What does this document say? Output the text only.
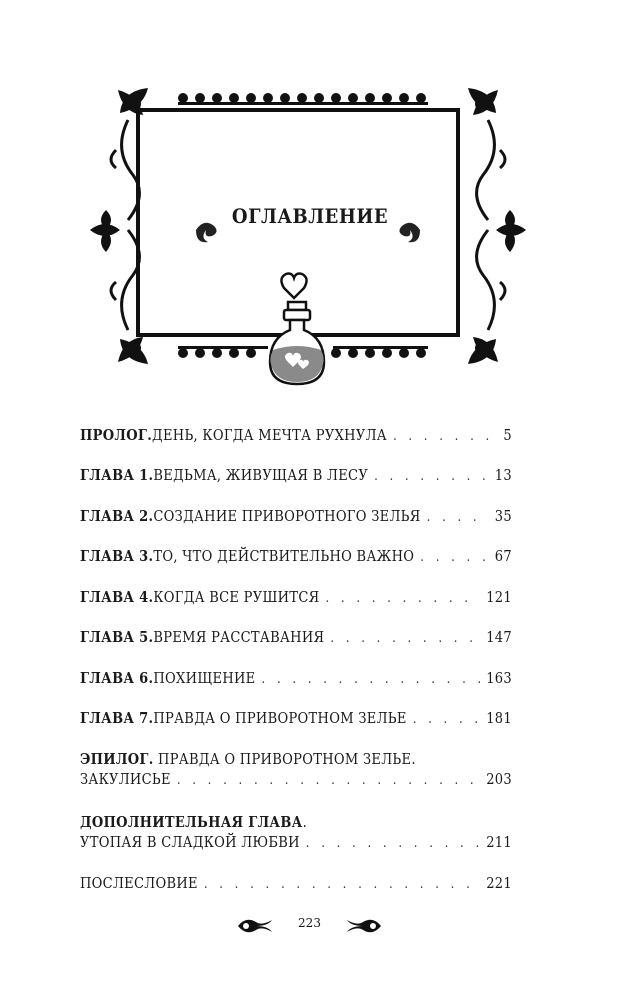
ОГЛАВЛЕНИЕ
ПРОЛОГ. ДЕНЬ, КОГДА МЕЧТА РУХНУЛА . . .	5
ГЛАВА 1. ВЕДЬМА, ЖИВУЩАЯ В ЛЕСУ . . .	13
ГЛАВА 2. СОЗДАНИЕ ПРИВОРОТНОГО ЗЕЛЬЯ . . .	35
ГЛАВА 3. ТО, ЧТО ДЕЙСТВИТЕЛЬНО ВАЖНО . . .	67
ГЛАВА 4. КОГДА ВСЕ РУШИТСЯ . . .	121
ГЛАВА 5. ВРЕМЯ РАССТАВАНИЯ . . .	147
ГЛАВА 6. ПОХИЩЕНИЕ . . .	163
ГЛАВА 7. ПРАВДА О ПРИВОРОТНОМ ЗЕЛЬЕ . . .	181
ЭПИЛОГ. ПРАВДА О ПРИВОРОТНОМ ЗЕЛЬЕ.
ЗАКУЛИСЬЕ . . .	203
ДОПОЛНИТЕЛЬНАЯ ГЛАВА.
УТОПАЯ В СЛАДКОЙ ЛЮБВИ . . .	211
ПОСЛЕСЛОВИЕ . . .	221
223
